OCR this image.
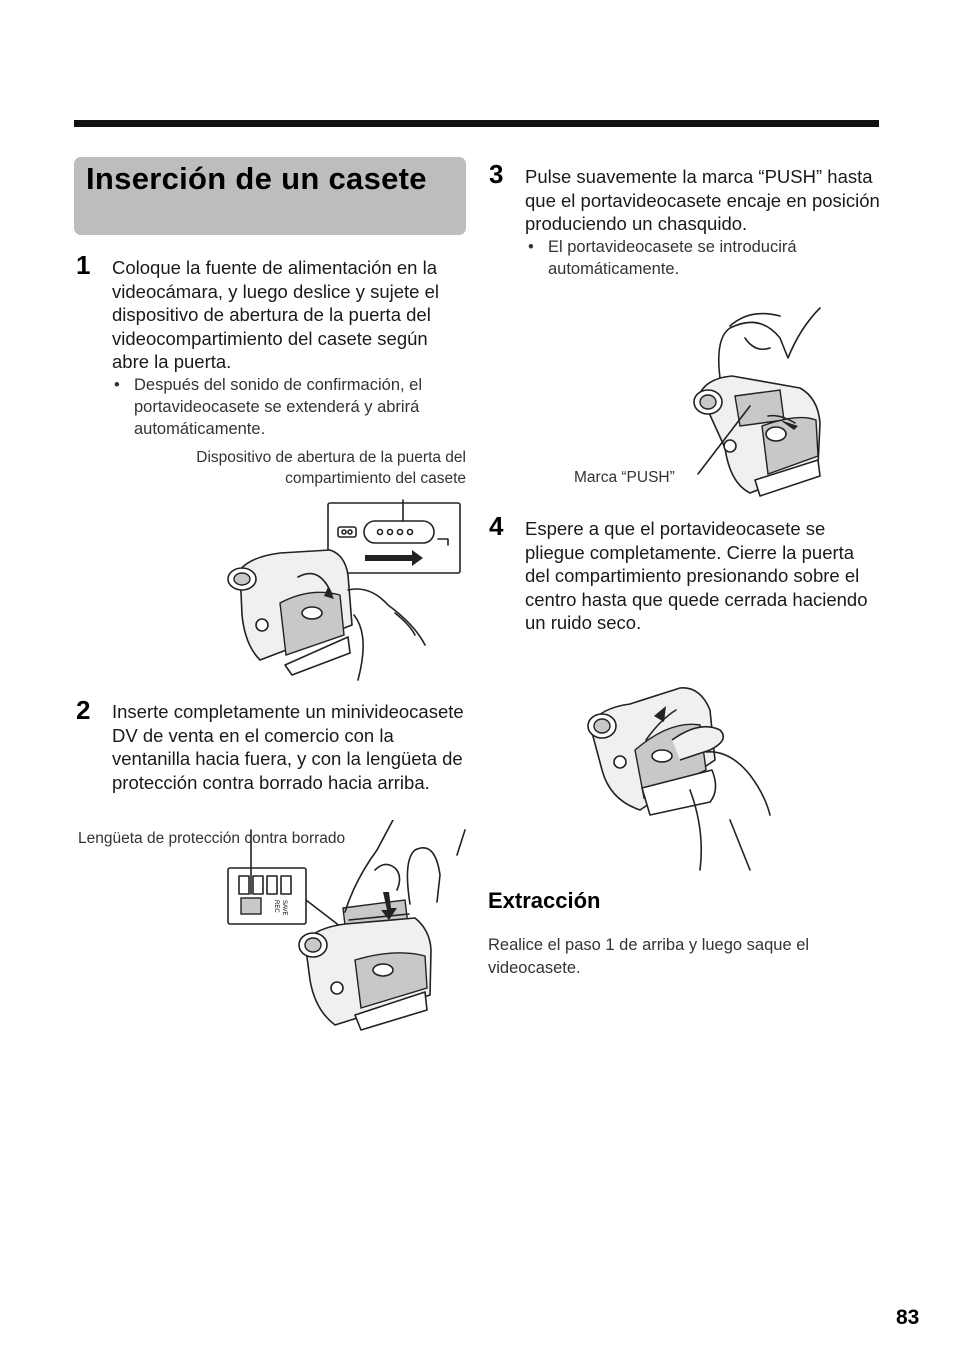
Inserción de un casete
1 Coloque la fuente de alimentación en la videocámara, y luego deslice y sujete el dispositivo de abertura de la puerta del videocompartimiento del casete según abre la puerta.
• Después del sonido de confirmación, el portavideocasete se extenderá y abrirá automáticamente.
Dispositivo de abertura de la puerta del compartimiento del casete
2 Inserte completamente un minivideocasete DV de venta en el comercio con la ventanilla hacia fuera, y con la lengüeta de protección contra borrado hacia arriba.
Lengüeta de protección contra borrado
SAVE
REC
3 Pulse suavemente la marca “PUSH” hasta que el portavideocasete encaje en posición produciendo un chasquido.
• El portavideocasete se introducirá automáticamente.
Marca “PUSH”
4 Espere a que el portavideocasete se pliegue completamente. Cierre la puerta del compartimiento presionando sobre el centro hasta que quede cerrada haciendo un ruido seco.
Extracción
Realice el paso 1 de arriba y luego saque el videocasete.
83
